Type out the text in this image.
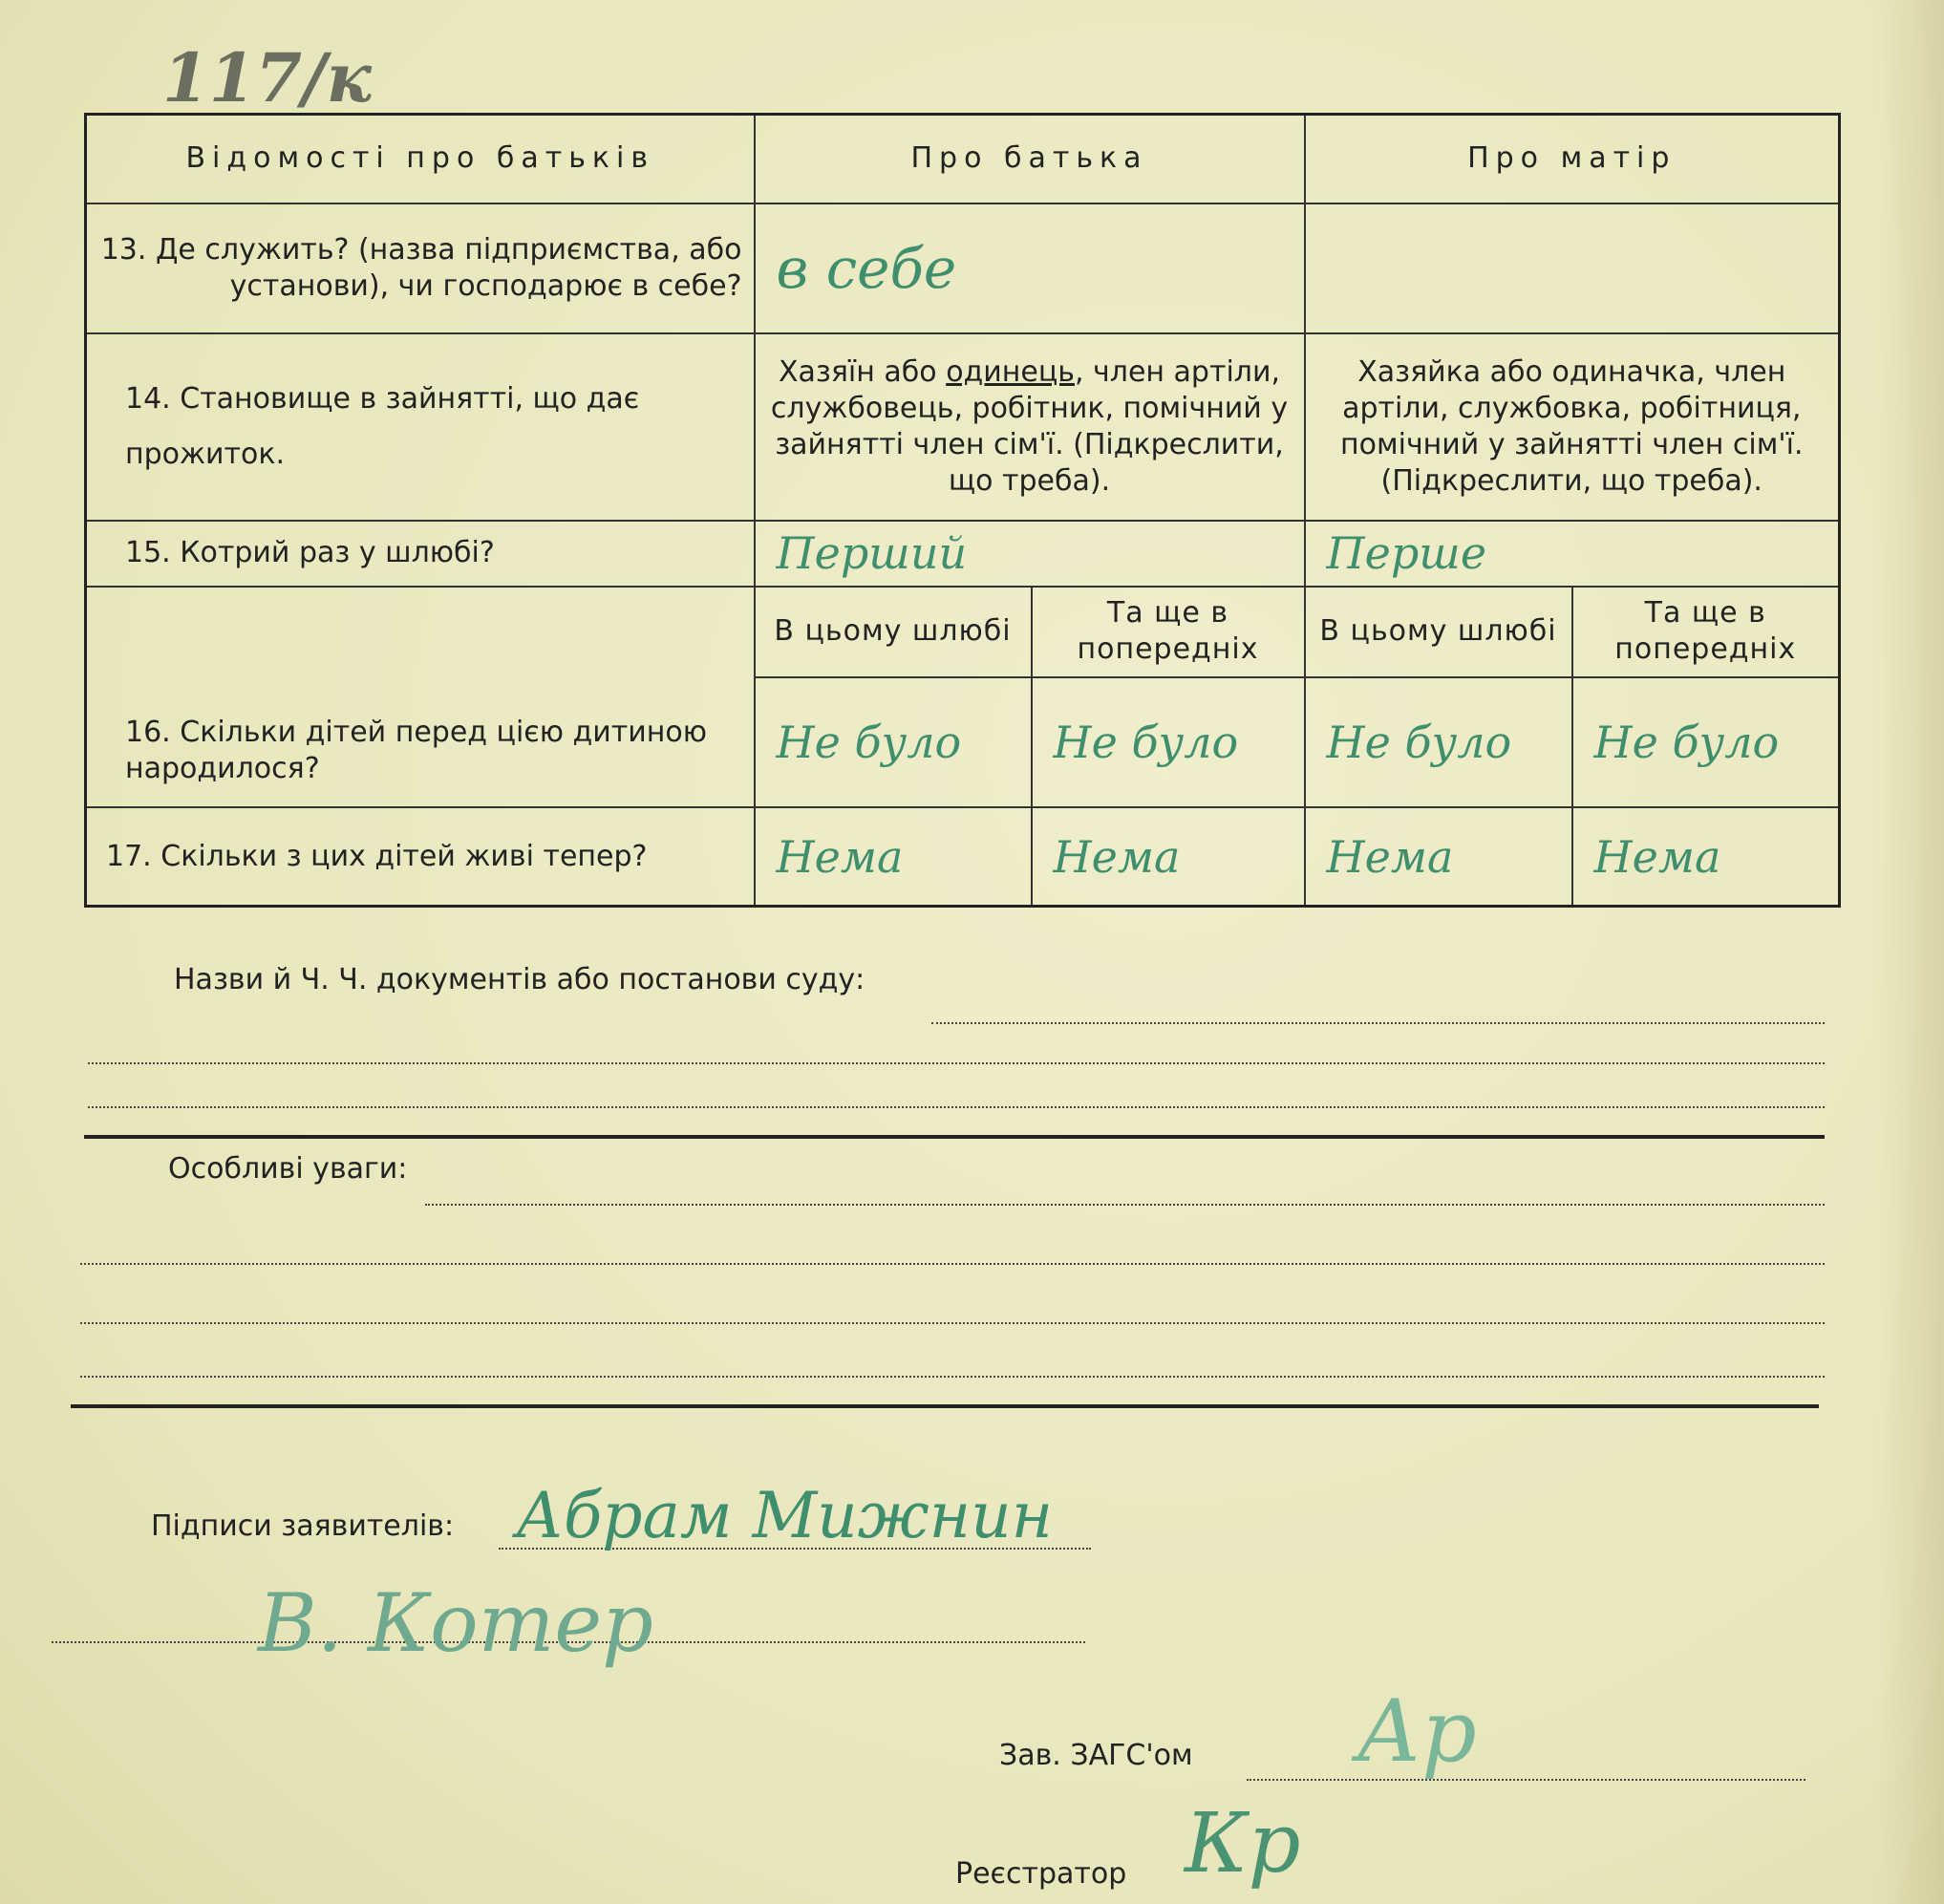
117/к
Відомості про батьків	Про батька		Про матір	
13. Де служить? (назва підприємства, або установи), чи господарює в себе?	в себе			

14. Становище в зайнятті, що дає прожиток.	Хазяїн або одинець, член артіли, службовець, робітник, помічний у зайнятті член сім'ї. (Підкреслити, що треба).		Хазяйка або одиначка, член артіли, службовка, робітниця, помічний у зайнятті член сім'ї. (Підкреслити, що треба).	
15. Котрий раз у шлюбі?	Перший		Перше	

16. Скільки дітей перед цією дитиною народилося?	В цьому шлюбі	Та ще в попередніх	В цьому шлюбі	Та ще в попередніх

	Не було	Не було	Не було	Не було

17. Скільки з цих дітей живі тепер?	Нема	Нема	Нема	Нема
Назви й Ч. Ч. документів або постанови суду:
Особливі уваги:
Підписи заявителів: Абрам Мижнин
В. Котер
Зав. ЗАГС'ом Ар
Реєстратор Кр
